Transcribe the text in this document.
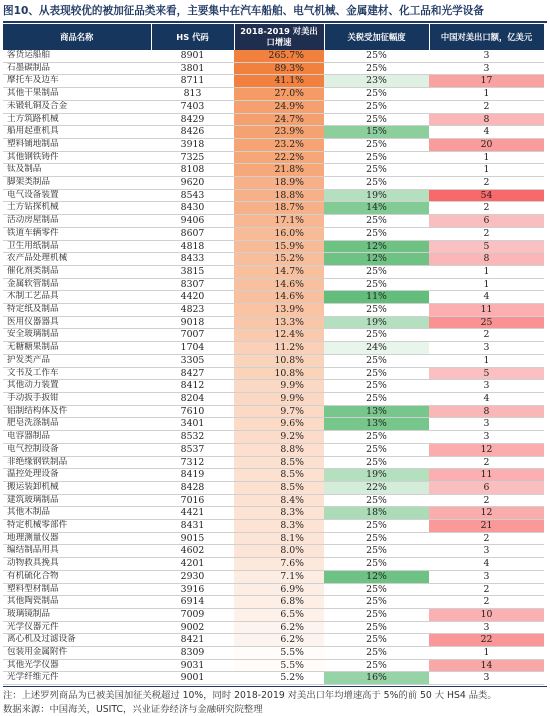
图10、从表现较优的被加征品类来看，主要集中在汽车船舶、电气机械、金属建材、化工品和光学设备
商品名称	HS 代码	2018-2019 对美出口增速	关税受加征幅度	中国对美出口额，亿美元
客货运船舶	8901	265.7%	25%	3
石墨碳制品	3801	89.3%	25%	3
摩托车及边车	8711	41.1%	23%	17
其他干果制品	813	27.0%	25%	1
未锻轧铜及合金	7403	24.9%	25%	2
土方筑路机械	8429	24.7%	25%	8
船用起重机具	8426	23.9%	15%	4
塑料铺地制品	3918	23.2%	25%	20
其他钢铁铸件	7325	22.2%	25%	1
钛及制品	8108	21.8%	25%	1
脚架类制品	9620	18.9%	25%	2
电气设备装置	8543	18.8%	19%	54
土方钻探机械	8430	18.7%	14%	2
活动房屋制品	9406	17.1%	25%	6
铁道车辆零件	8607	16.0%	25%	2
卫生用纸制品	4818	15.9%	12%	5
农产品处理机械	8433	15.2%	12%	8
催化剂类制品	3815	14.7%	25%	1
金属软管制品	8307	14.6%	25%	1
木制工艺品具	4420	14.6%	11%	4
特定纸及制品	4823	13.9%	25%	11
医用仪器器具	9018	13.3%	19%	25
安全玻璃制品	7007	12.4%	25%	2
无糖糖果制品	1704	11.2%	24%	3
护发类产品	3305	10.8%	25%	1
文书及工作车	8427	10.8%	25%	5
其他动力装置	8412	9.9%	25%	3
手动扳手扳钳	8204	9.9%	25%	4
铝制结构体及件	7610	9.7%	13%	8
肥皂洗涤制品	3401	9.6%	13%	3
电容器制品	8532	9.2%	25%	3
电气控制设备	8537	8.8%	25%	12
非绝缘钢铁制品	7312	8.5%	25%	2
温控处理设备	8419	8.5%	19%	11
搬运装卸机械	8428	8.5%	22%	6
建筑玻璃制品	7016	8.4%	25%	2
其他木制品	4421	8.3%	18%	12
特定机械零部件	8431	8.3%	25%	21
地理测量仪器	9015	8.1%	25%	2
编结制品用具	4602	8.0%	25%	3
动物救具挽具	4201	7.6%	25%	4
有机硫化合物	2930	7.1%	12%	3
塑料型材制品	3916	6.9%	25%	2
其他陶瓷制品	6914	6.8%	25%	2
玻璃镜制品	7009	6.5%	25%	10
光学仪器元件	9002	6.2%	25%	3
离心机及过滤设备	8421	6.2%	25%	22
包装用金属附件	8309	5.5%	25%	1
其他光学仪器	9031	5.5%	25%	14
光学纤维元件	9001	5.2%	16%	3
注：上述罗列商品为已被美国加征关税超过 10%，同时 2018-2019 对美出口年均增速高于 5%的前 50 大 HS4 品类。
数据来源：中国海关，USITC，兴业证券经济与金融研究院整理
